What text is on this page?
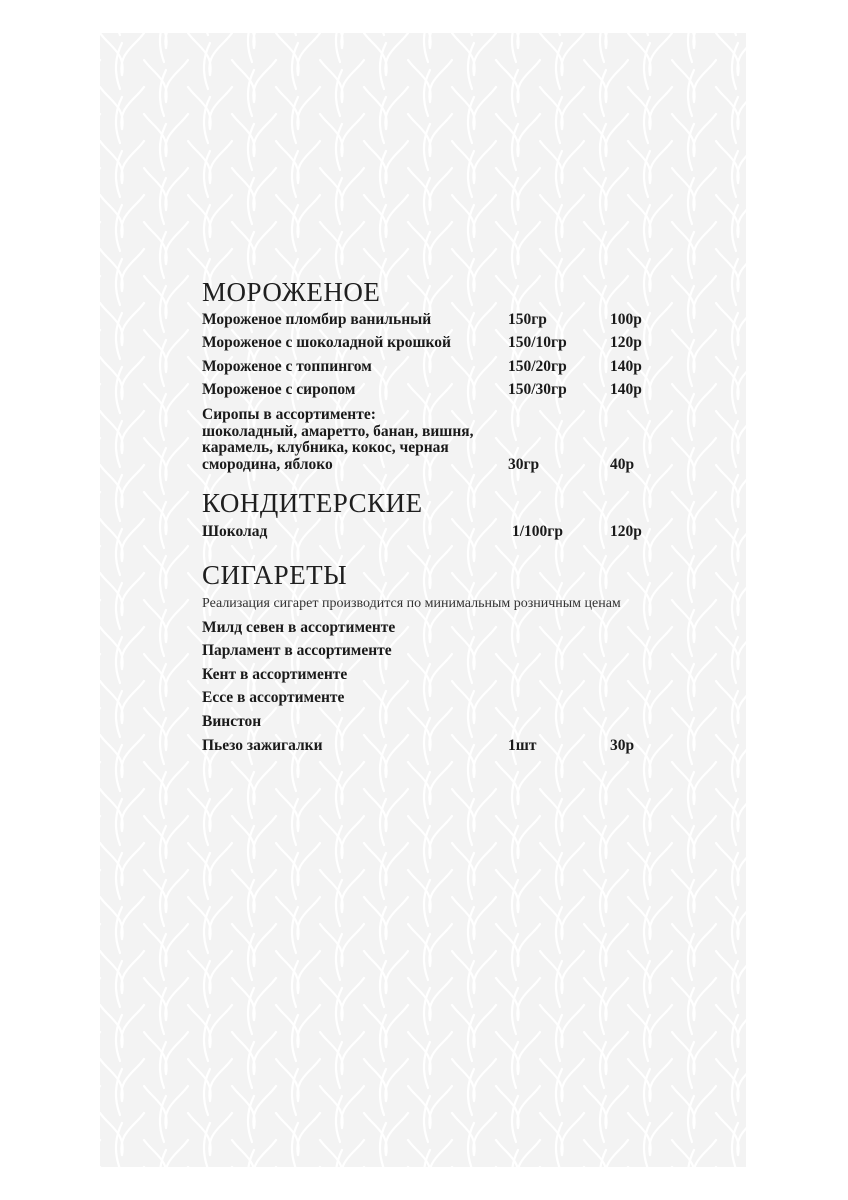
МОРОЖЕНОЕ
Мороженое пломбир ванильный	150гр	100р
Мороженое с шоколадной крошкой	150/10гр	120р
Мороженое с топпингом	150/20гр	140р
Мороженое с сиропом	150/30гр	140р
Сиропы в ассортименте:
шоколадный, амаретто, банан, вишня,
карамель, клубника, кокос, черная
смородина, яблоко	30гр	40р
КОНДИТЕРСКИЕ
Шоколад	1/100гр	120р
СИГАРЕТЫ
Реализация сигарет производится по минимальным розничным ценам
Милд севен в ассортименте
Парламент в ассортименте
Кент в ассортименте
Ессе в ассортименте
Винстон
Пьезо зажигалки	1шт	30р
